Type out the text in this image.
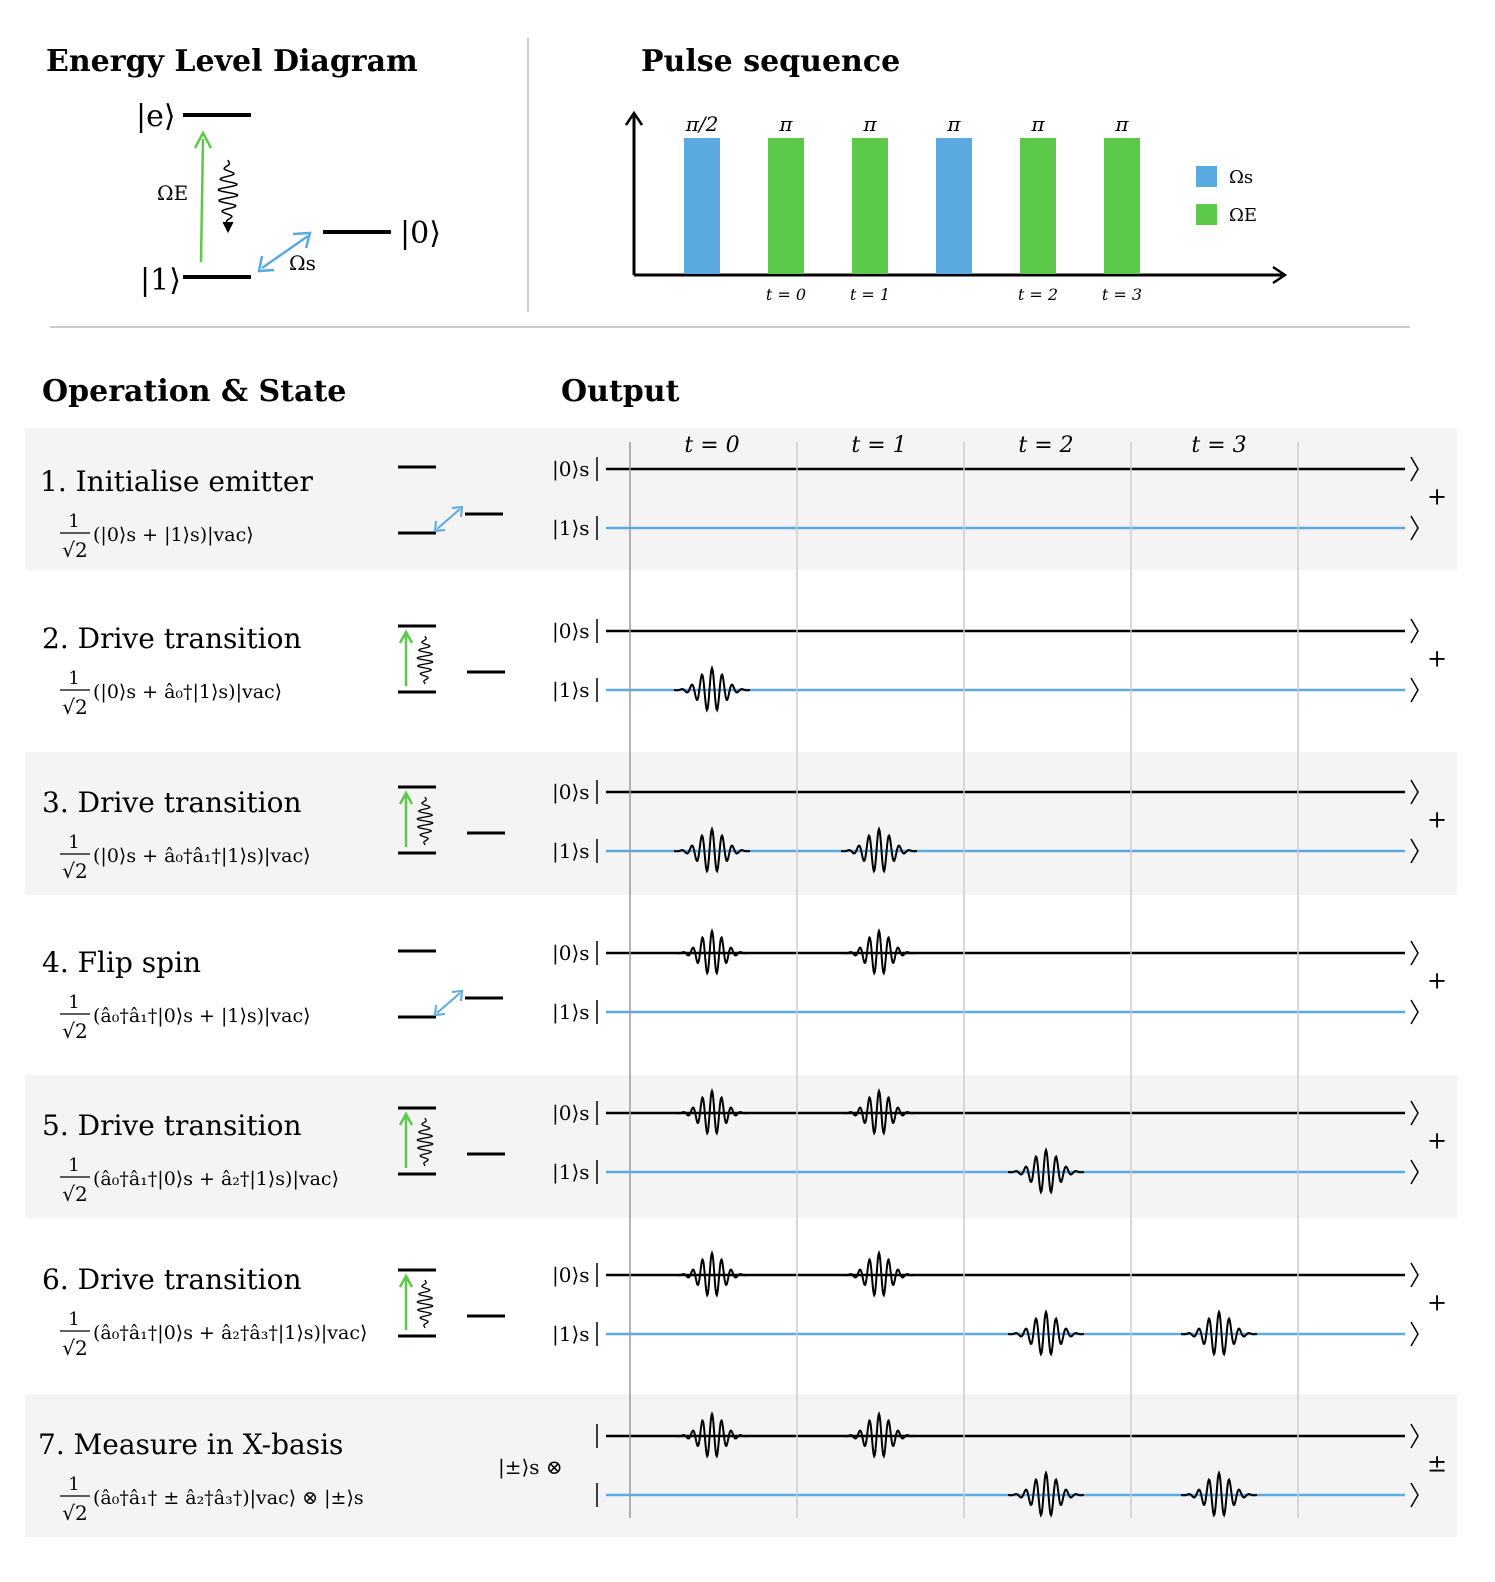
Energy Level Diagram
|e⟩
|1⟩
|0⟩
ΩE
Ωs
Pulse sequence
π/2	π
t = 0
π
t = 1
π	π
t = 2
π
t = 3
Ωs
ΩE
Operation & State	Output
1. Initialise emitter
1
√2
(|0⟩s + |1⟩s)|vac⟩
|0⟩s
|1⟩s
+
2. Drive transition
1
√2
(|0⟩s + â₀†|1⟩s)|vac⟩
|0⟩s
|1⟩s
+
3. Drive transition
1
√2
(|0⟩s + â₀†â₁†|1⟩s)|vac⟩
|0⟩s
|1⟩s
+
4. Flip spin
1
√2
(â₀†â₁†|0⟩s + |1⟩s)|vac⟩
|0⟩s
|1⟩s
+
5. Drive transition
1
√2
(â₀†â₁†|0⟩s + â₂†|1⟩s)|vac⟩
|0⟩s
|1⟩s
+
6. Drive transition
1
√2
(â₀†â₁†|0⟩s + â₂†â₃†|1⟩s)|vac⟩
|0⟩s
|1⟩s
+
7. Measure in X-basis
1
√2
(â₀†â₁† ± â₂†â₃†)|vac⟩ ⊗ |±⟩s
|±⟩s ⊗	±
t = 0	t = 1	t = 2	t = 3
